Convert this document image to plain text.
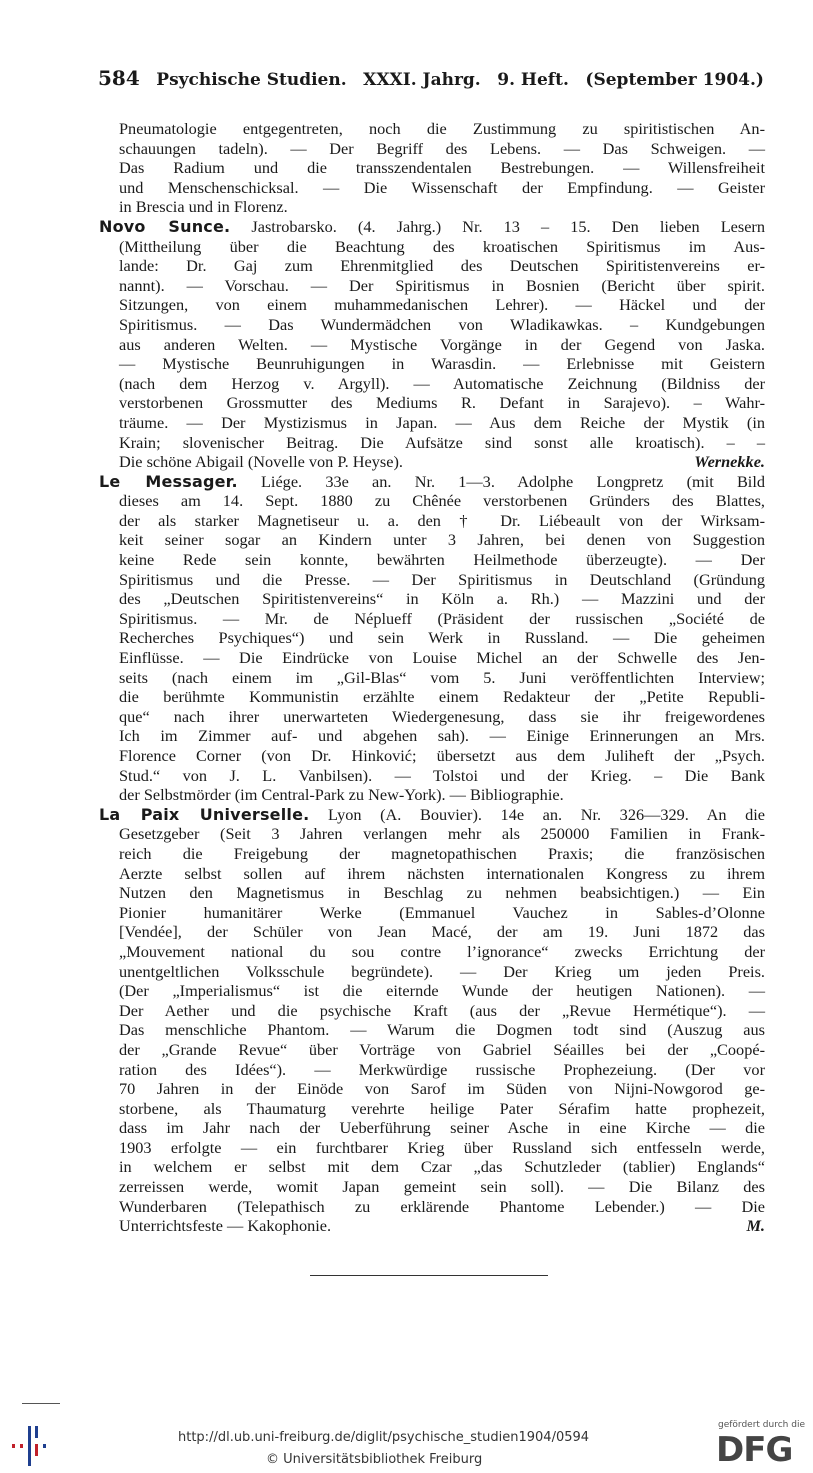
584 Psychische Studien. XXXI. Jahrg. 9. Heft. (September 1904.)
Pneumatologie entgegentreten, noch die Zustimmung zu spiritistischen An-
schauungen tadeln). — Der Begriff des Lebens. — Das Schweigen. —
Das Radium und die transszendentalen Bestrebungen. — Willensfreiheit
und Menschenschicksal. — Die Wissenschaft der Empfindung. — Geister
in Brescia und in Florenz.
Novo Sunce. Jastrobarsko. (4. Jahrg.) Nr. 13 – 15. Den lieben Lesern
(Mittheilung über die Beachtung des kroatischen Spiritismus im Aus-
lande: Dr. Gaj zum Ehrenmitglied des Deutschen Spiritistenvereins er-
nannt). — Vorschau. — Der Spiritismus in Bosnien (Bericht über spirit.
Sitzungen, von einem muhammedanischen Lehrer). — Häckel und der
Spiritismus. — Das Wundermädchen von Wladikawkas. – Kundgebungen
aus anderen Welten. — Mystische Vorgänge in der Gegend von Jaska.
— Mystische Beunruhigungen in Warasdin. — Erlebnisse mit Geistern
(nach dem Herzog v. Argyll). — Automatische Zeichnung (Bildniss der
verstorbenen Grossmutter des Mediums R. Defant in Sarajevo). – Wahr-
träume. — Der Mystizismus in Japan. — Aus dem Reiche der Mystik (in
Krain; slovenischer Beitrag. Die Aufsätze sind sonst alle kroatisch). – –
Die schöne Abigail (Novelle von P. Heyse).	Wernekke.
Le Messager. Liége. 33e an. Nr. 1—3. Adolphe Longpretz (mit Bild
dieses am 14. Sept. 1880 zu Chênée verstorbenen Gründers des Blattes,
der als starker Magnetiseur u. a. den † Dr. Liébeault von der Wirksam-
keit seiner sogar an Kindern unter 3 Jahren, bei denen von Suggestion
keine Rede sein konnte, bewährten Heilmethode überzeugte). — Der
Spiritismus und die Presse. — Der Spiritismus in Deutschland (Gründung
des „Deutschen Spiritistenvereins“ in Köln a. Rh.) — Mazzini und der
Spiritismus. — Mr. de Néplueff (Präsident der russischen „Société de
Recherches Psychiques“) und sein Werk in Russland. — Die geheimen
Einflüsse. — Die Eindrücke von Louise Michel an der Schwelle des Jen-
seits (nach einem im „Gil-Blas“ vom 5. Juni veröffentlichten Interview;
die berühmte Kommunistin erzählte einem Redakteur der „Petite Republi-
que“ nach ihrer unerwarteten Wiedergenesung, dass sie ihr freigewordenes
Ich im Zimmer auf- und abgehen sah). — Einige Erinnerungen an Mrs.
Florence Corner (von Dr. Hinković; übersetzt aus dem Juliheft der „Psych.
Stud.“ von J. L. Vanbilsen). — Tolstoi und der Krieg. – Die Bank
der Selbstmörder (im Central-Park zu New-York). — Bibliographie.
La Paix Universelle. Lyon (A. Bouvier). 14e an. Nr. 326—329. An die
Gesetzgeber (Seit 3 Jahren verlangen mehr als 250000 Familien in Frank-
reich die Freigebung der magnetopathischen Praxis; die französischen
Aerzte selbst sollen auf ihrem nächsten internationalen Kongress zu ihrem
Nutzen den Magnetismus in Beschlag zu nehmen beabsichtigen.) — Ein
Pionier humanitärer Werke (Emmanuel Vauchez in Sables-d’Olonne
[Vendée], der Schüler von Jean Macé, der am 19. Juni 1872 das
„Mouvement national du sou contre l’ignorance“ zwecks Errichtung der
unentgeltlichen Volksschule begründete). — Der Krieg um jeden Preis.
(Der „Imperialismus“ ist die eiternde Wunde der heutigen Nationen). —
Der Aether und die psychische Kraft (aus der „Revue Hermétique“). —
Das menschliche Phantom. — Warum die Dogmen todt sind (Auszug aus
der „Grande Revue“ über Vorträge von Gabriel Séailles bei der „Coopé-
ration des Idées“). — Merkwürdige russische Prophezeiung. (Der vor
70 Jahren in der Einöde von Sarof im Süden von Nijni-Nowgorod ge-
storbene, als Thaumaturg verehrte heilige Pater Sérafim hatte prophezeit,
dass im Jahr nach der Ueberführung seiner Asche in eine Kirche — die
1903 erfolgte — ein furchtbarer Krieg über Russland sich entfesseln werde,
in welchem er selbst mit dem Czar „das Schutzleder (tablier) Englands“
zerreissen werde, womit Japan gemeint sein soll). — Die Bilanz des
Wunderbaren (Telepathisch zu erklärende Phantome Lebender.) — Die
Unterrichtsfeste — Kakophonie.	M.
http://dl.ub.uni-freiburg.de/diglit/psychische_studien1904/0594
© Universitätsbibliothek Freiburg
gefördert durch die
DFG
